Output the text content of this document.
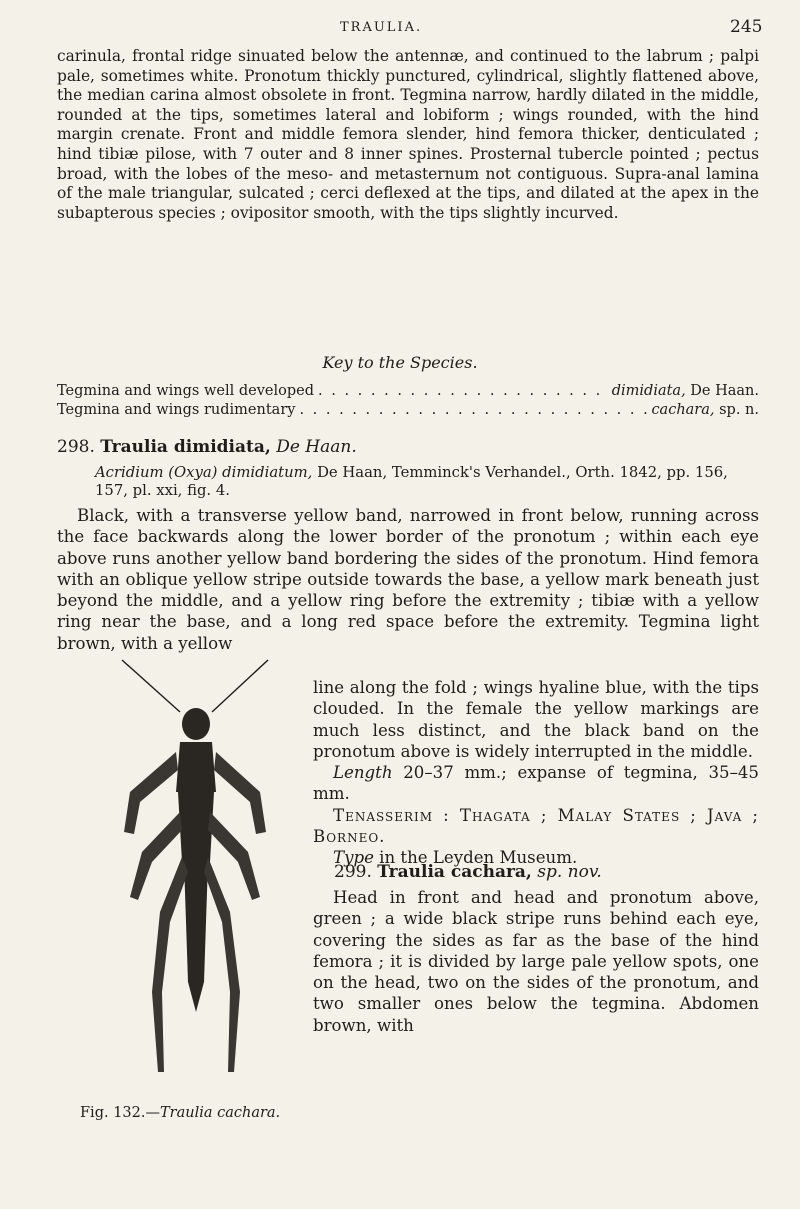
TRAULIA.	245

carinula, frontal ridge sinuated below the antennæ, and continued to the labrum ; palpi pale, sometimes white. Pronotum thickly punctured, cylindrical, slightly flattened above, the median carina almost obsolete in front. Tegmina narrow, hardly dilated in the middle, rounded at the tips, sometimes lateral and lobiform ; wings rounded, with the hind margin crenate. Front and middle femora slender, hind femora thicker, denticulated ; hind tibiæ pilose, with 7 outer and 8 inner spines. Prosternal tubercle pointed ; pectus broad, with the lobes of the meso- and metasternum not contiguous. Supra-anal lamina of the male triangular, sulcated ; cerci deflexed at the tips, and dilated at the apex in the subapterous species ; ovipositor smooth, with the tips slightly incurved.

Key to the Species.
Tegmina and wings well developed . . .	dimidiata, De Haan.
Tegmina and wings rudimentary . . .	cachara, sp. n.
298. Traulia dimidiata, De Haan.
Acridium (Oxya) dimidiatum, De Haan, Temminck's Verhandel., Orth. 1842, pp. 156, 157, pl. xxi, fig. 4.
Black, with a transverse yellow band, narrowed in front below, running across the face backwards along the lower border of the pronotum ; within each eye above runs another yellow band bordering the sides of the pronotum. Hind femora with an oblique yellow stripe outside towards the base, a yellow mark beneath just beyond the middle, and a yellow ring before the extremity ; tibiæ with a yellow ring near the base, and a long red space before the extremity. Tegmina light brown, with a yellow

line along the fold ; wings hyaline blue, with the tips clouded. In the female the yellow markings are much less distinct, and the black band on the pronotum above is widely interrupted in the middle.

Length 20–37 mm.; expanse of tegmina, 35–45 mm.

Tenasserim : Thagata ; Malay States ; Java ; Borneo.

Type in the Leyden Museum.

299. Traulia cachara, sp. nov.
Head in front and head and pronotum above, green ; a wide black stripe runs behind each eye, covering the sides as far as the base of the hind femora ; it is divided by large pale yellow spots, one on the head, two on the sides of the pronotum, and two smaller ones below the tegmina. Abdomen brown, with
Fig. 132.—Traulia cachara.
